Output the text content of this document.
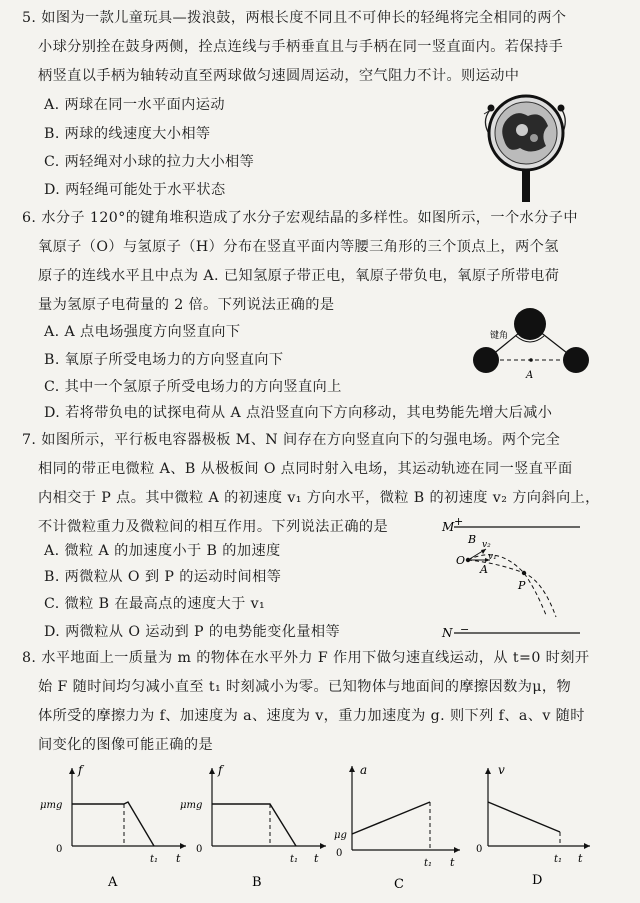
5. 如图为一款儿童玩具—拨浪鼓，两根长度不同且不可伸长的轻绳将完全相同的两个
小球分别拴在鼓身两侧，拴点连线与手柄垂直且与手柄在同一竖直面内。若保持手
柄竖直以手柄为轴转动直至两球做匀速圆周运动，空气阻力不计。则运动中
A. 两球在同一水平面内运动
B. 两球的线速度大小相等
C. 两轻绳对小球的拉力大小相等
D. 两轻绳可能处于水平状态
6. 水分子 120°的键角堆积造成了水分子宏观结晶的多样性。如图所示，一个水分子中
氧原子（O）与氢原子（H）分布在竖直平面内等腰三角形的三个顶点上，两个氢
原子的连线水平且中点为 A. 已知氢原子带正电，氧原子带负电，氧原子所带电荷
量为氢原子电荷量的 2 倍。下列说法正确的是
A. A 点电场强度方向竖直向下
B. 氧原子所受电场力的方向竖直向下
C. 其中一个氢原子所受电场力的方向竖直向上
D. 若将带负电的试探电荷从 A 点沿竖直向下方向移动，其电势能先增大后减小
键角
A
7. 如图所示，平行板电容器极板 M、N 间存在方向竖直向下的匀强电场。两个完全
相同的带正电微粒 A、B 从极板间 O 点同时射入电场，其运动轨迹在同一竖直平面
内相交于 P 点。其中微粒 A 的初速度 v₁ 方向水平，微粒 B 的初速度 v₂ 方向斜向上，
不计微粒重力及微粒间的相互作用。下列说法正确的是
A. 微粒 A 的加速度小于 B 的加速度
B. 两微粒从 O 到 P 的运动时间相等
C. 微粒 B 在最高点的速度大于 v₁
D. 两微粒从 O 运动到 P 的电势能变化量相等
M +
N −
B v₂
O	v₁
A
P
8. 水平地面上一质量为 m 的物体在水平外力 F 作用下做匀速直线运动，从 t=0 时刻开
始 F 随时间均匀减小直至 t₁ 时刻减小为零。已知物体与地面间的摩擦因数为μ，物
体所受的摩擦力为 f、加速度为 a、速度为 v，重力加速度为 g. 则下列 f、a、v 随时
间变化的图像可能正确的是
f
t
μmg
0
t₁
A
f
t
μmg
0
t₁
B
a
t
μg
0
t₁
C
v
t
0
t₁
D
